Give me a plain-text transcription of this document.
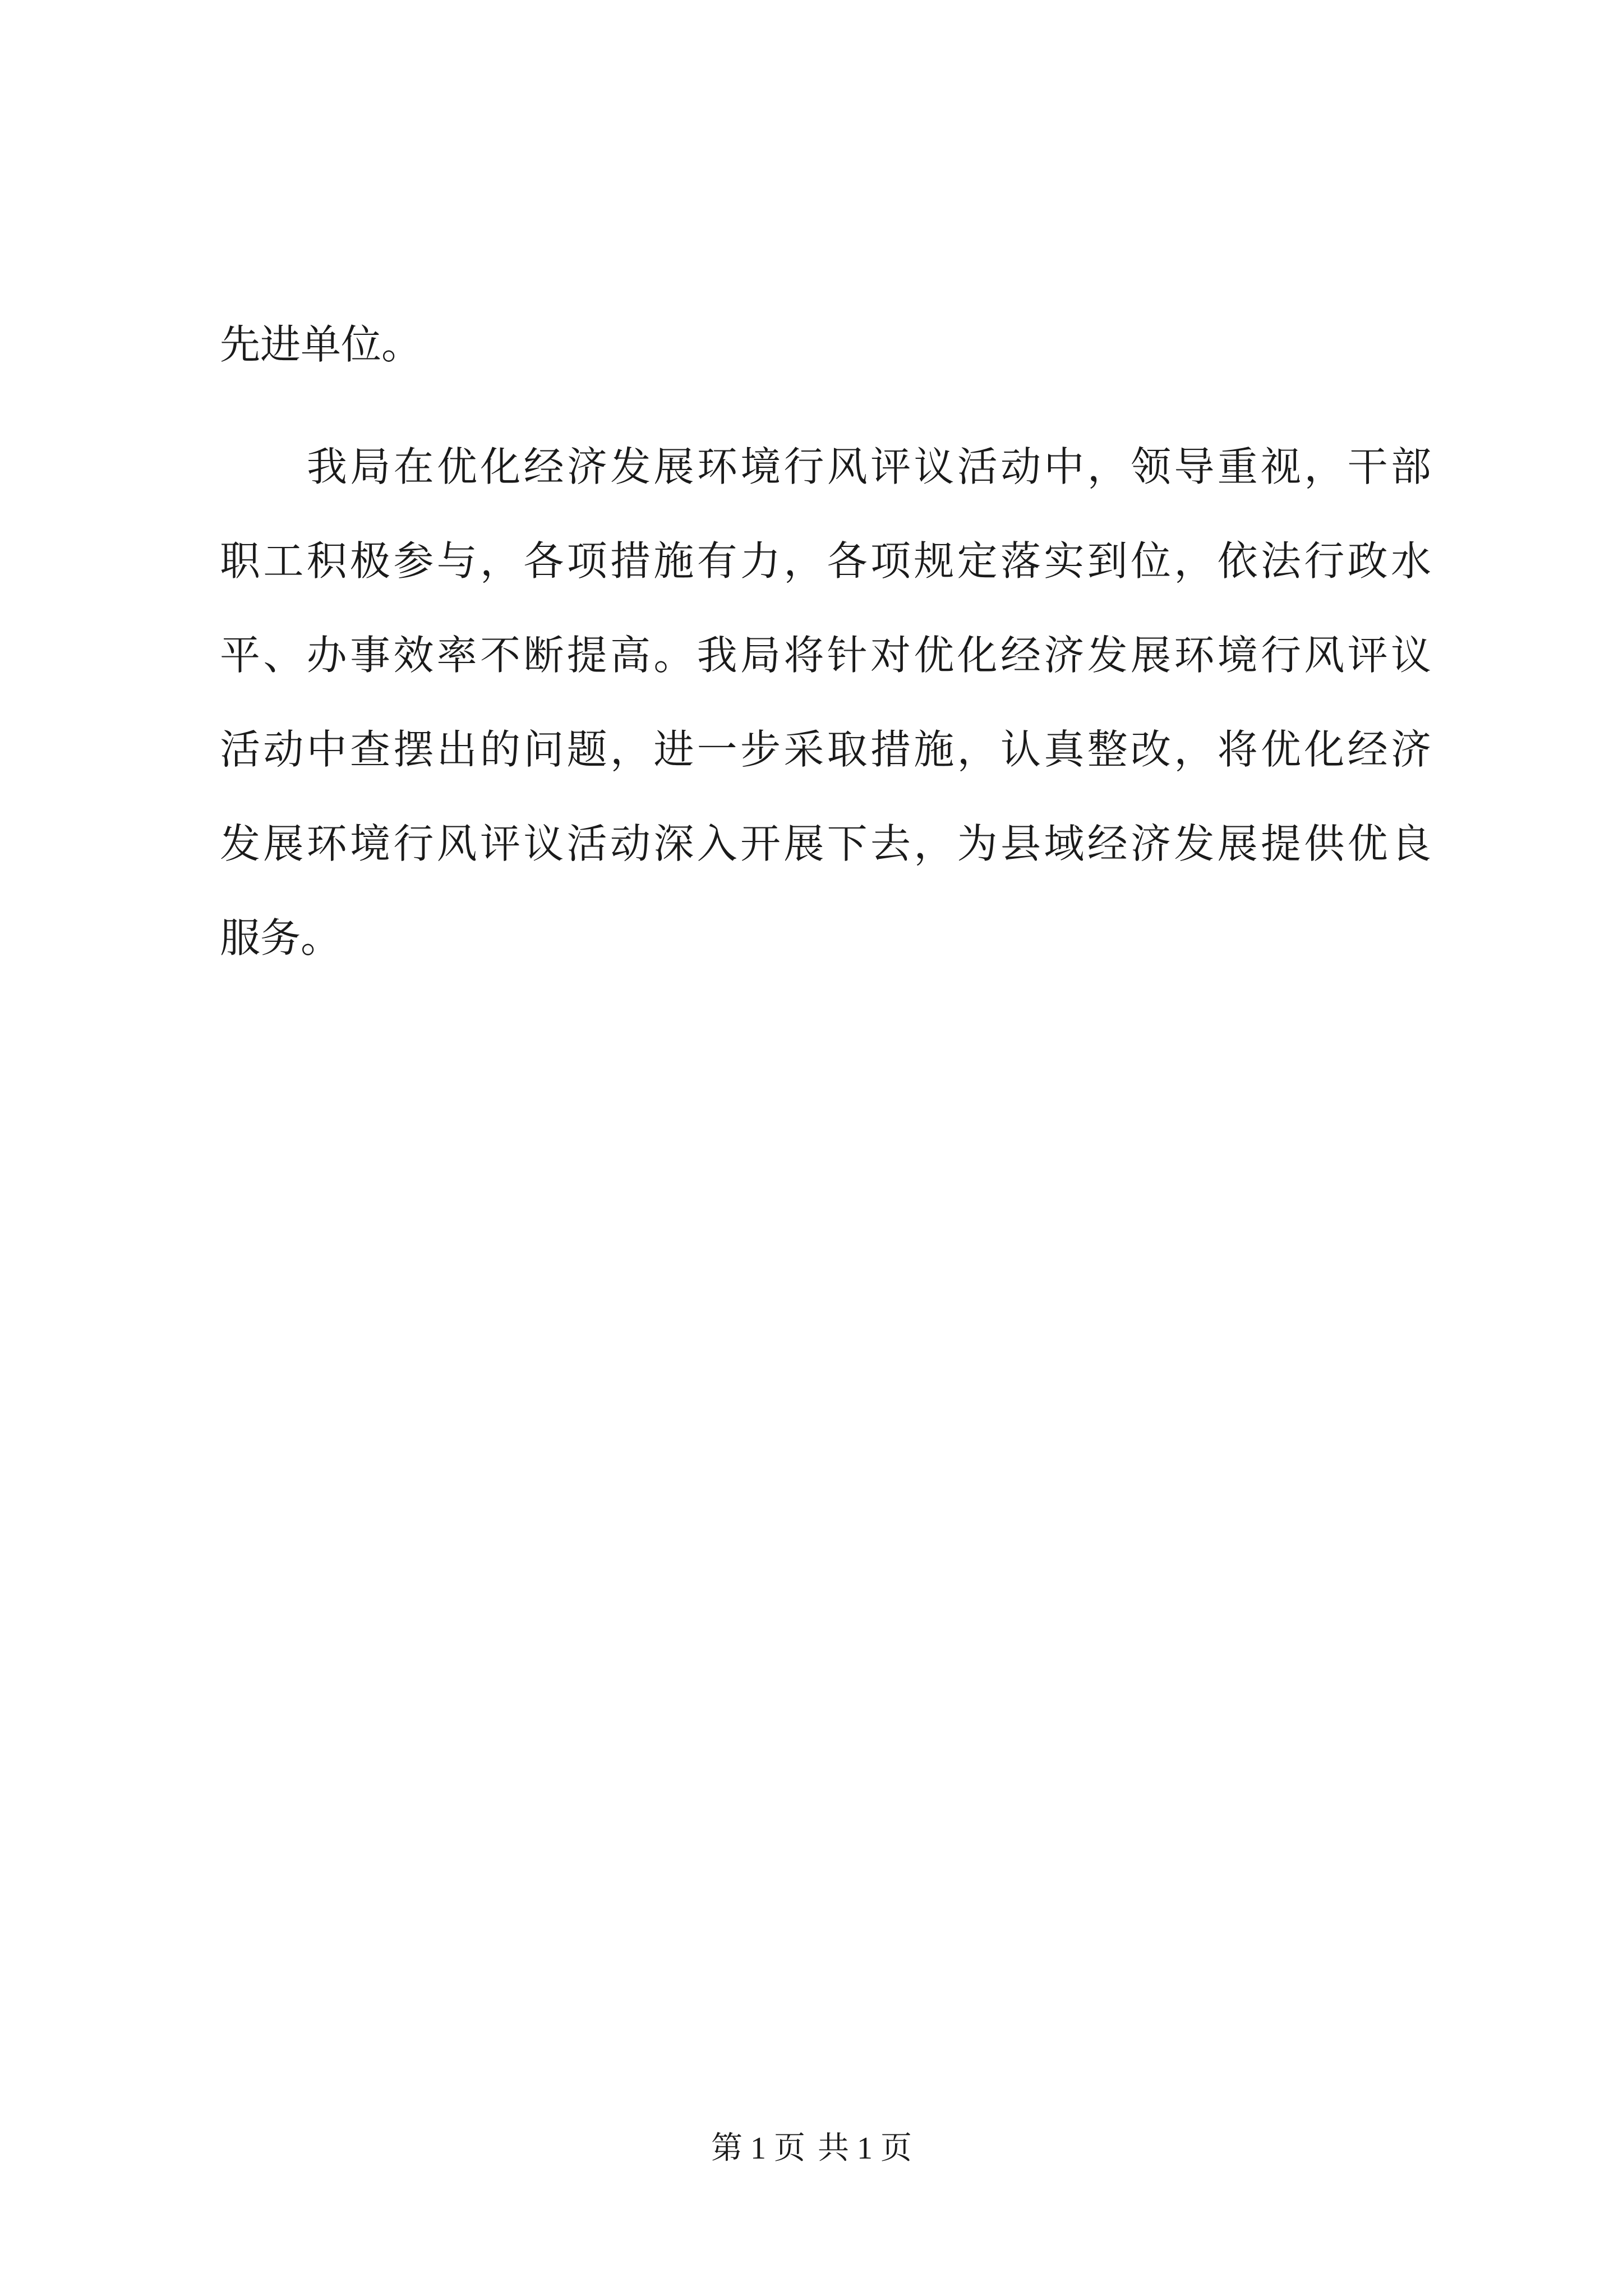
先进单位。
我局在优化经济发展环境行风评议活动中，领导重视，干部
职工积极参与，各项措施有力，各项规定落实到位，依法行政水
平、办事效率不断提高。我局将针对优化经济发展环境行风评议
活动中查摆出的问题，进一步采取措施，认真整改，将优化经济
发展环境行风评议活动深入开展下去，为县域经济发展提供优良
服务。
第 1 页 共 1 页
